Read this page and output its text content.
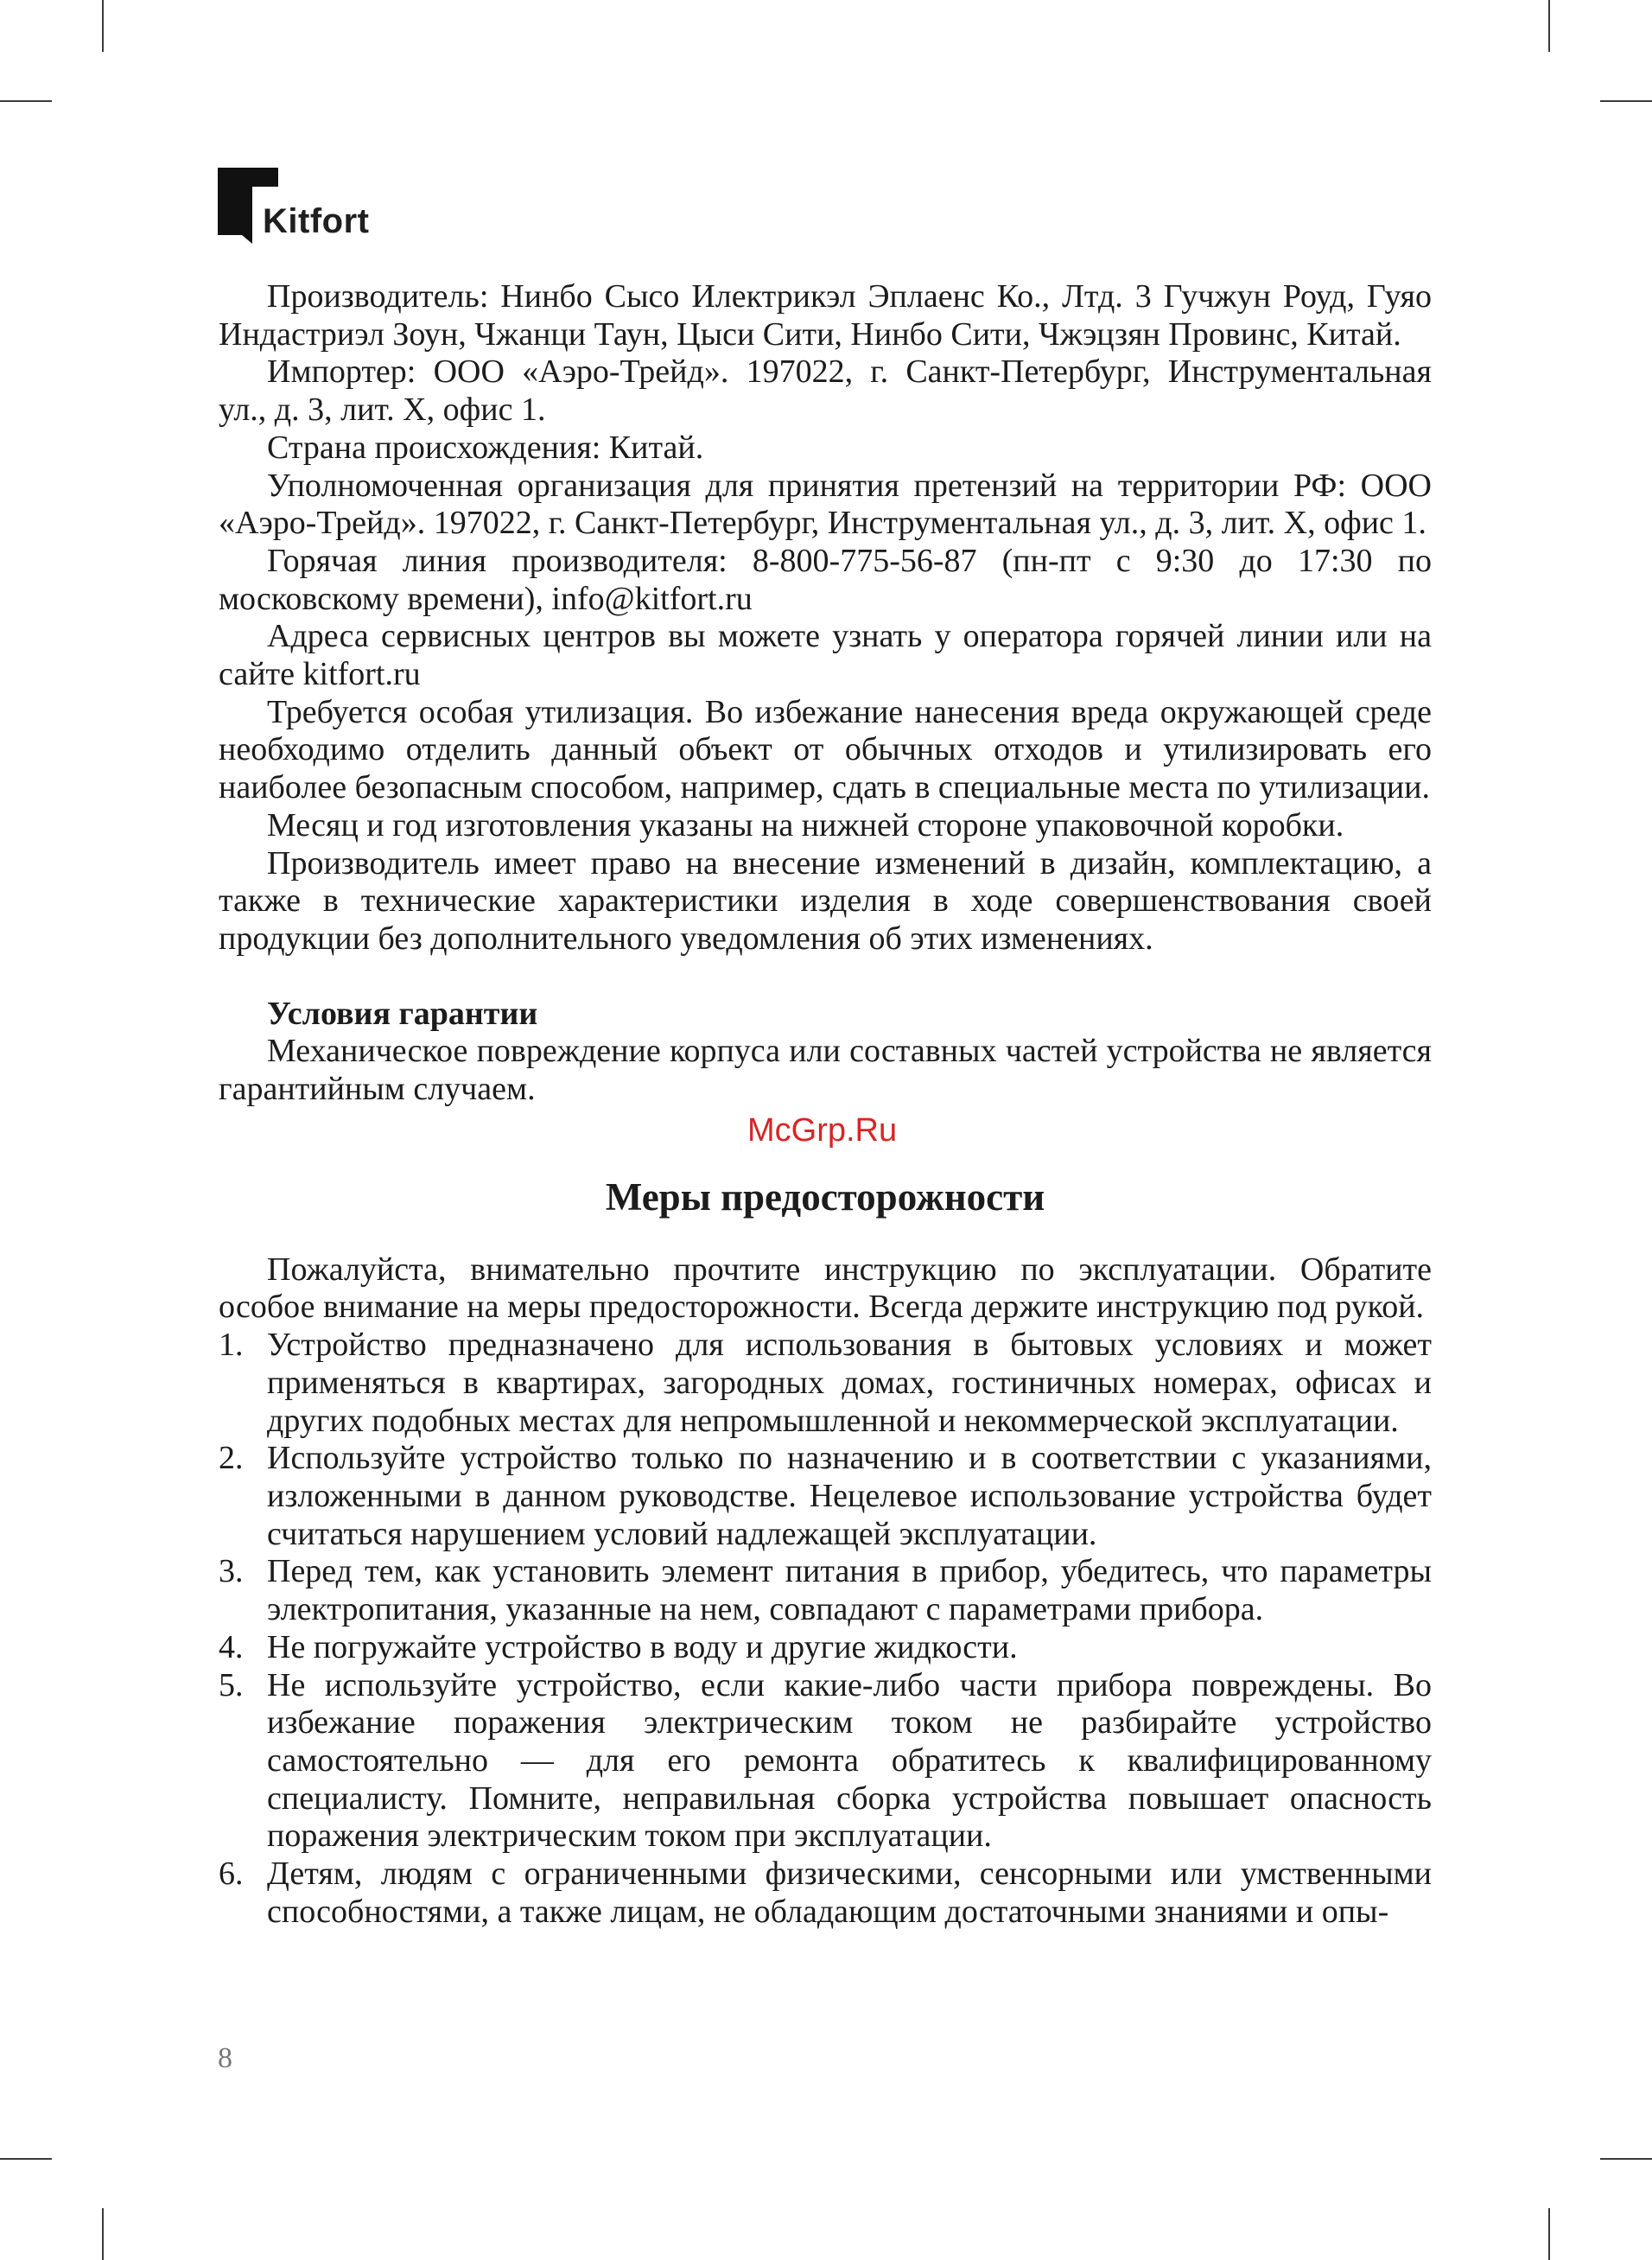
Kitfort

Производитель: Нинбо Сысо Илектрикэл Эплаенс Ко., Лтд. 3 Гучжун Роуд, Гуяо Индастриэл Зоун, Чжанци Таун, Цыси Сити, Нинбо Сити, Чжэцзян Провинс, Китай.

Импортер: ООО «Аэро-Трейд». 197022, г. Санкт-Петербург, Инструментальная ул., д. 3, лит. Х, офис 1.

Страна происхождения: Китай.

Уполномоченная организация для принятия претензий на территории РФ: ООО «Аэро-Трейд». 197022, г. Санкт-Петербург, Инструментальная ул., д. 3, лит. Х, офис 1.

Горячая линия производителя: 8-800-775-56-87 (пн-пт с 9:30 до 17:30 по московскому времени), info@kitfort.ru

Адреса сервисных центров вы можете узнать у оператора горячей линии или на сайте kitfort.ru

Требуется особая утилизация. Во избежание нанесения вреда окружающей среде необходимо отделить данный объект от обычных отходов и утилизировать его наиболее безопасным способом, например, сдать в специальные места по утилизации.

Месяц и год изготовления указаны на нижней стороне упаковочной коробки.

Производитель имеет право на внесение изменений в дизайн, комплектацию, а также в технические характеристики изделия в ходе совершенствования своей продукции без дополнительного уведомления об этих изменениях.

Условия гарантии

Механическое повреждение корпуса или составных частей устройства не является гарантийным случаем.

Меры предосторожности

Пожалуйста, внимательно прочтите инструкцию по эксплуатации. Обратите особое внимание на меры предосторожности. Всегда держите инструкцию под рукой.

1. Устройство предназначено для использования в бытовых условиях и может применяться в квартирах, загородных домах, гостиничных номерах, офисах и других подобных местах для непромышленной и некоммерческой эксплуатации.
2. Используйте устройство только по назначению и в соответствии с указаниями, изложенными в данном руководстве. Нецелевое использование устройства будет считаться нарушением условий надлежащей эксплуатации.
3. Перед тем, как установить элемент питания в прибор, убедитесь, что параметры электропитания, указанные на нем, совпадают с параметрами прибора.
4. Не погружайте устройство в воду и другие жидкости.
5. Не используйте устройство, если какие-либо части прибора повреждены. Во избежание поражения электрическим током не разбирайте устройство самостоятельно — для его ремонта обратитесь к квалифицированному специалисту. Помните, неправильная сборка устройства повышает опасность поражения электрическим током при эксплуатации.
6. Детям, людям с ограниченными физическими, сенсорными или умственными способностями, а также лицам, не обладающим достаточными знаниями и опы-
McGrp.Ru
8
